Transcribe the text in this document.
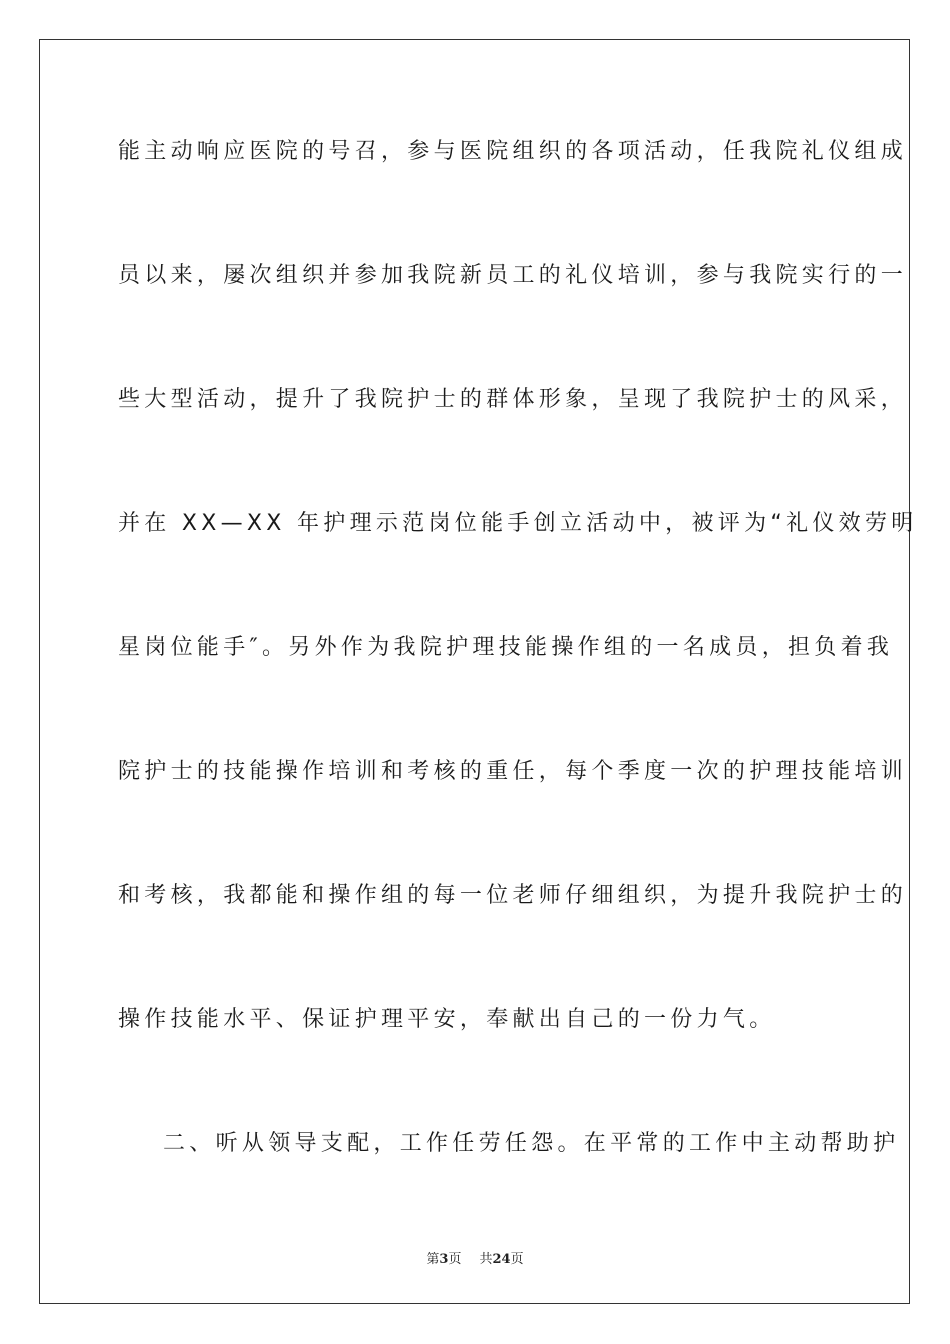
能主动响应医院的号召，参与医院组织的各项活动，任我院礼仪组成
员以来，屡次组织并参加我院新员工的礼仪培训，参与我院实行的一
些大型活动，提升了我院护士的群体形象，呈现了我院护士的风采，
并在 XX—XX 年护理示范岗位能手创立活动中，被评为“礼仪效劳明
星岗位能手″。另外作为我院护理技能操作组的一名成员，担负着我
院护士的技能操作培训和考核的重任，每个季度一次的护理技能培训
和考核，我都能和操作组的每一位老师仔细组织，为提升我院护士的
操作技能水平、保证护理平安，奉献出自己的一份力气。
二、听从领导支配，工作任劳任怨。在平常的工作中主动帮助护
第3页 共24页
